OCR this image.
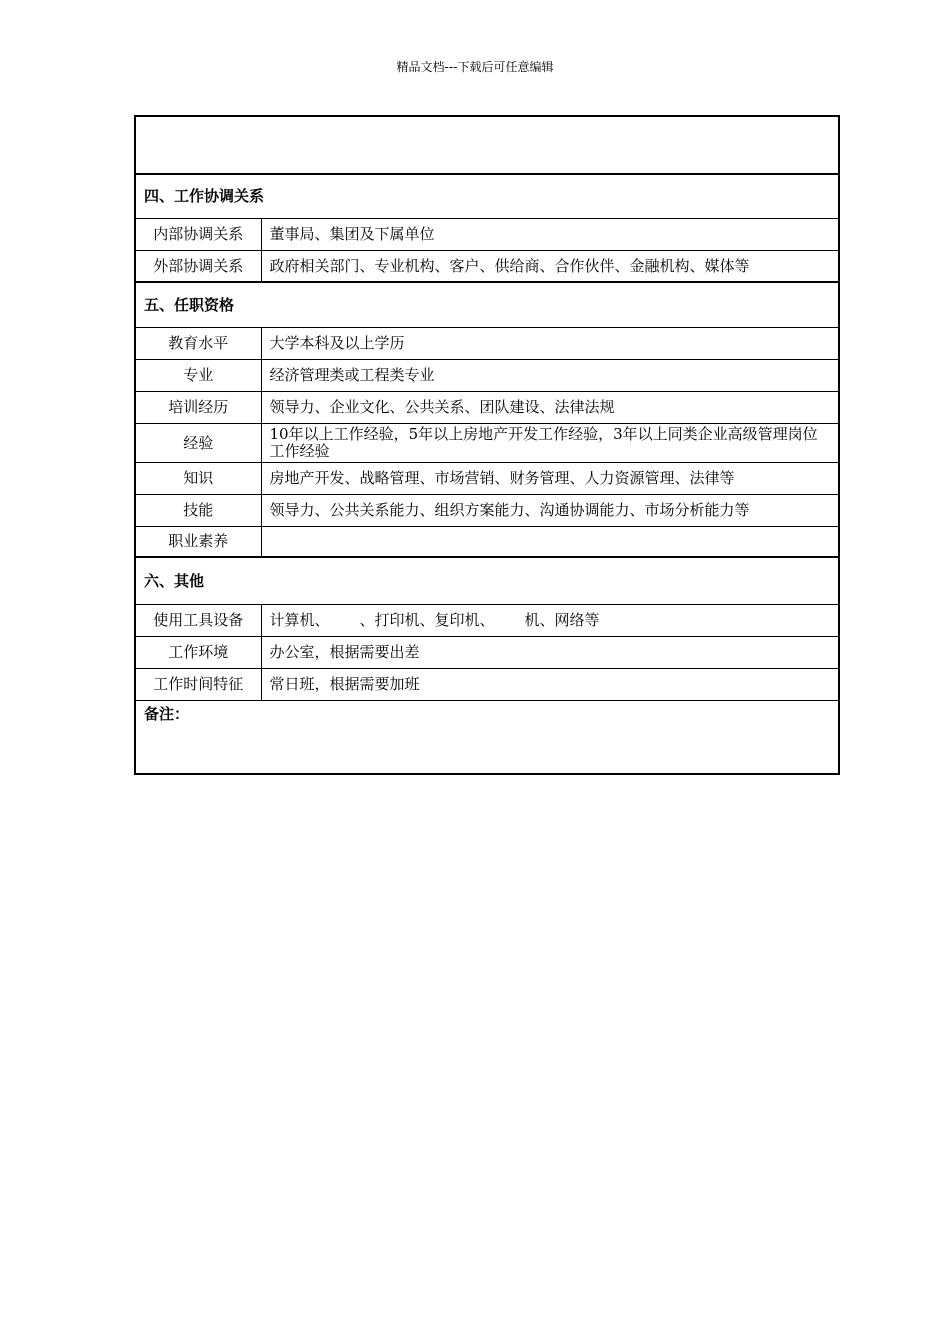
精品文档---下载后可任意编辑

四、工作协调关系	
内部协调关系	董事局、集团及下属单位
外部协调关系	政府相关部门、专业机构、客户、供给商、合作伙伴、金融机构、媒体等
五、任职资格	
教育水平	大学本科及以上学历
专业	经济管理类或工程类专业
培训经历	领导力、企业文化、公共关系、团队建设、法律法规
经验	10年以上工作经验，5年以上房地产开发工作经验，3年以上同类企业高级管理岗位工作经验
知识	房地产开发、战略管理、市场营销、财务管理、人力资源管理、法律等
技能	领导力、公共关系能力、组织方案能力、沟通协调能力、市场分析能力等
职业素养	
六、其他	
使用工具设备	计算机、 、打印机、复印机、 机、网络等
工作环境	办公室，根据需要出差
工作时间特征	常日班，根据需要加班
备注：	
